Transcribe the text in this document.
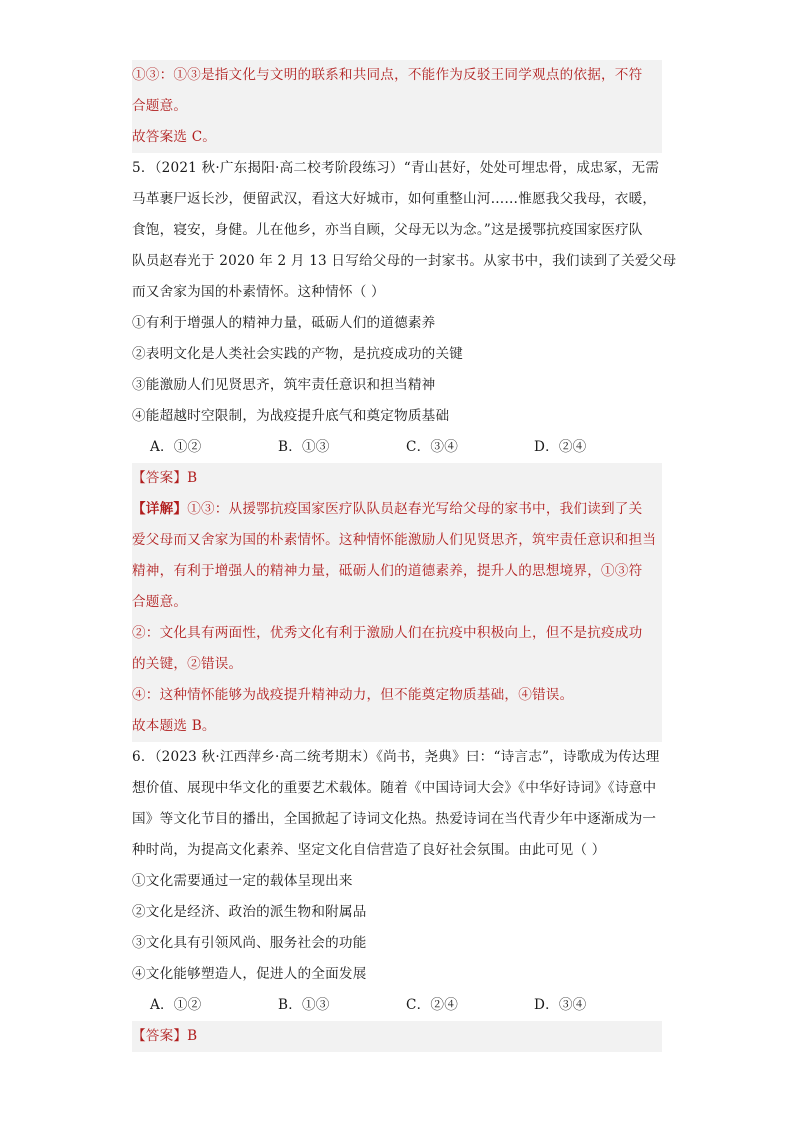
①③：①③是指文化与文明的联系和共同点，不能作为反驳王同学观点的依据，不符
合题意。
故答案选 C。
5．（2021 秋·广东揭阳·高二校考阶段练习）“青山甚好，处处可埋忠骨，成忠冢，无需
马革裹尸返长沙，便留武汉，看这大好城市，如何重整山河……惟愿我父我母，衣暖，
食饱，寝安，身健。儿在他乡，亦当自顾，父母无以为念。”这是援鄂抗疫国家医疗队
队员赵春光于 2020 年 2 月 13 日写给父母的一封家书。从家书中，我们读到了关爱父母
而又舍家为国的朴素情怀。这种情怀（ ）
①有利于增强人的精神力量，砥砺人们的道德素养
②表明文化是人类社会实践的产物，是抗疫成功的关键
③能激励人们见贤思齐，筑牢责任意识和担当精神
④能超越时空限制，为战疫提升底气和奠定物质基础
A．①②	B．①③	C．③④	D．②④
【答案】B
【详解】①③：从援鄂抗疫国家医疗队队员赵春光写给父母的家书中，我们读到了关
爱父母而又舍家为国的朴素情怀。这种情怀能激励人们见贤思齐，筑牢责任意识和担当
精神，有利于增强人的精神力量，砥砺人们的道德素养，提升人的思想境界，①③符
合题意。
②：文化具有两面性，优秀文化有利于激励人们在抗疫中积极向上，但不是抗疫成功
的关键，②错误。
④：这种情怀能够为战疫提升精神动力，但不能奠定物质基础，④错误。
故本题选 B。
6．（2023 秋·江西萍乡·高二统考期末）《尚书，尧典》曰：“诗言志”，诗歌成为传达理
想价值、展现中华文化的重要艺术载体。随着《中国诗词大会》《中华好诗词》《诗意中
国》等文化节目的播出，全国掀起了诗词文化热。热爱诗词在当代青少年中逐渐成为一
种时尚，为提高文化素养、坚定文化自信营造了良好社会氛围。由此可见（ ）
①文化需要通过一定的载体呈现出来
②文化是经济、政治的派生物和附属品
③文化具有引领风尚、服务社会的功能
④文化能够塑造人，促进人的全面发展
A．①②	B．①③	C．②④	D．③④
【答案】B
